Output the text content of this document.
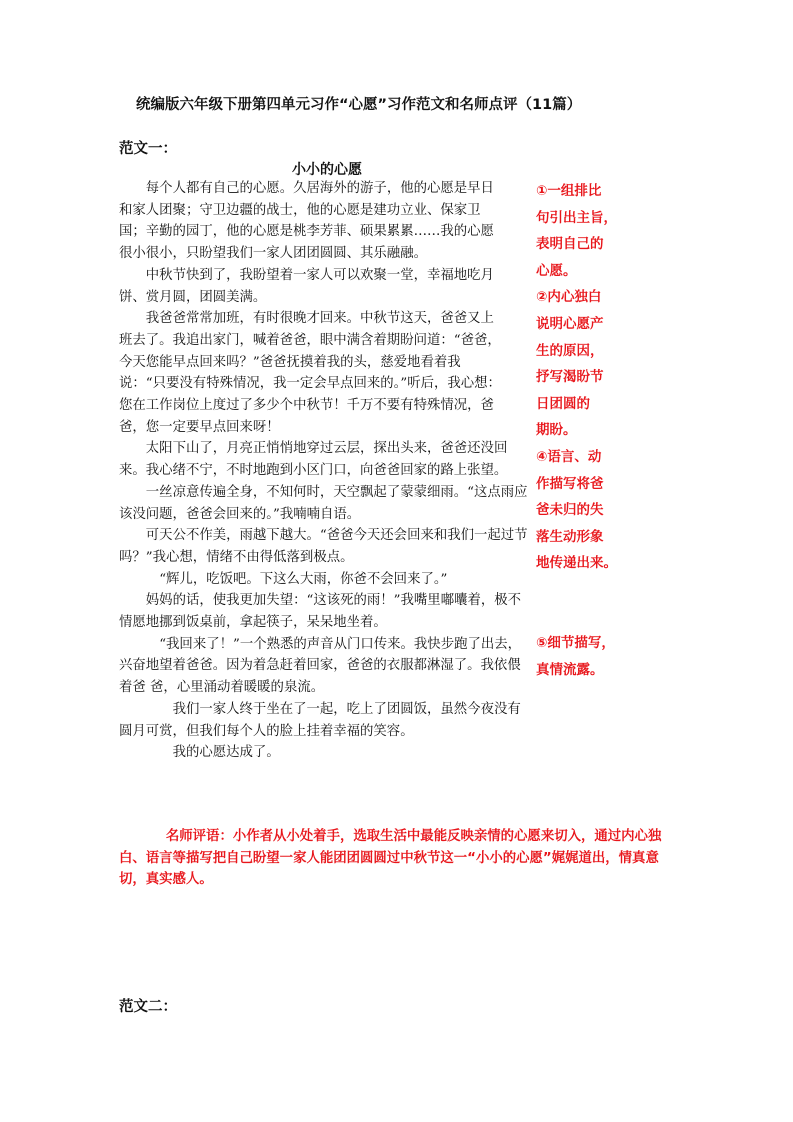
统编版六年级下册第四单元习作“心愿”习作范文和名师点评（11篇）
范文一：
小小的心愿

每个人都有自己的心愿。久居海外的游子，他的心愿是早日和家人团聚；守卫边疆的战士，他的心愿是建功立业、保家卫国；辛勤的园丁，他的心愿是桃李芳菲、硕果累累……我的心愿很小很小，只盼望我们一家人团团圆圆、其乐融融。

中秋节快到了，我盼望着一家人可以欢聚一堂，幸福地吃月饼、赏月圆，团圆美满。

我爸爸常常加班，有时很晚才回来。中秋节这天，爸爸又上班去了。我追出家门，喊着爸爸，眼中满含着期盼问道：“爸爸，今天您能早点回来吗？”爸爸抚摸着我的头，慈爱地看着我说：“只要没有特殊情况，我一定会早点回来的。”听后，我心想：您在工作岗位上度过了多少个中秋节！千万不要有特殊情况，爸爸，您一定要早点回来呀！

太阳下山了，月亮正悄悄地穿过云层，探出头来，爸爸还没回来。我心绪不宁，不时地跑到小区门口，向爸爸回家的路上张望。

一丝凉意传遍全身，不知何时，天空飘起了蒙蒙细雨。“这点雨应该没问题，爸爸会回来的。”我喃喃自语。

可天公不作美，雨越下越大。“爸爸今天还会回来和我们一起过节吗？”我心想，情绪不由得低落到极点。

“辉儿，吃饭吧。下这么大雨，你爸不会回来了。”

妈妈的话，使我更加失望：“这该死的雨！”我嘴里嘟囔着，极不情愿地挪到饭桌前，拿起筷子，呆呆地坐着。

“我回来了！”一个熟悉的声音从门口传来。我快步跑了出去，兴奋地望着爸爸。因为着急赶着回家，爸爸的衣服都淋湿了。我依偎着爸 爸，心里涌动着暖暖的泉流。

我们一家人终于坐在了一起，吃上了团圆饭，虽然今夜没有圆月可赏，但我们每个人的脸上挂着幸福的笑容。

我的心愿达成了。

①一组排比
句引出主旨，
表明自己的
心愿。
②内心独白
说明心愿产
生的原因，
抒写渴盼节
日团圆的
期盼。
④语言、动
作描写将爸
爸未归的失
落生动形象
地传递出来。
⑤细节描写，
真情流露。

名师评语：小作者从小处着手，选取生活中最能反映亲情的心愿来切入，通过内心独白、语言等描写把自己盼望一家人能团团圆圆过中秋节这一“小小的心愿”娓娓道出，情真意切，真实感人。

范文二：
